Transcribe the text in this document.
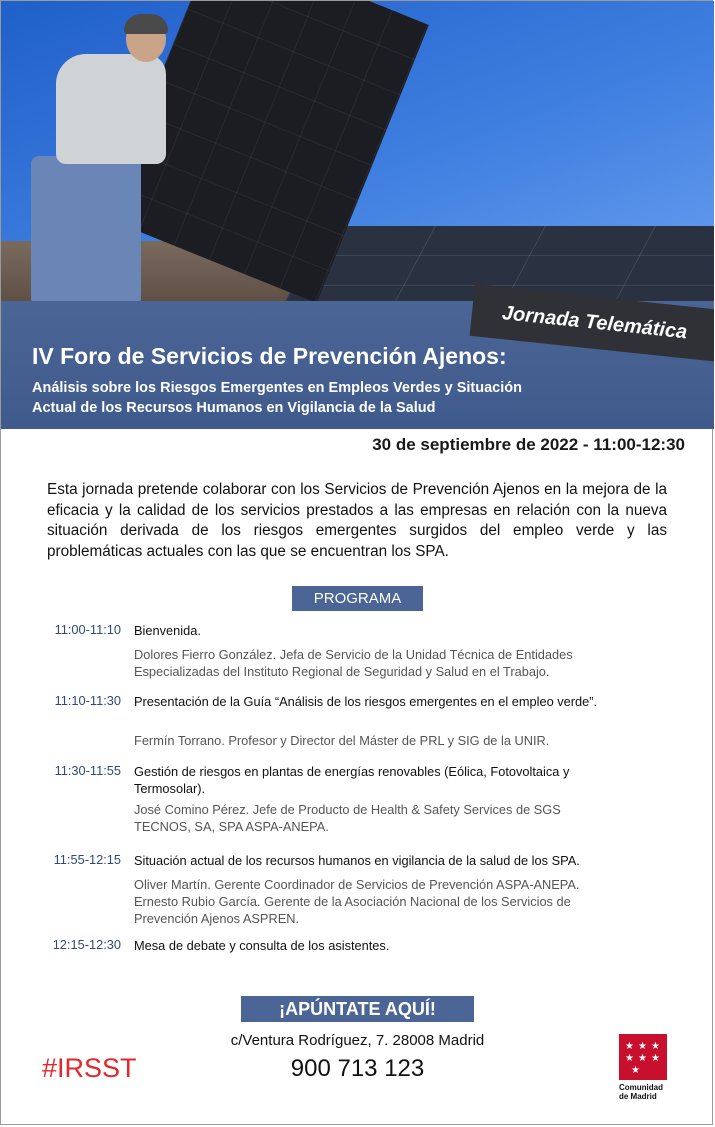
Jornada Telemática
IV Foro de Servicios de Prevención Ajenos:
Análisis sobre los Riesgos Emergentes en Empleos Verdes y Situación
Actual de los Recursos Humanos en Vigilancia de la Salud
30 de septiembre de 2022 - 11:00-12:30
Esta jornada pretende colaborar con los Servicios de Prevención Ajenos en la mejora de la eficacia y la calidad de los servicios prestados a las empresas en relación con la nueva situación derivada de los riesgos emergentes surgidos del empleo verde y las problemáticas actuales con las que se encuentran los SPA.
PROGRAMA
11:00-11:10 Bienvenida.
Dolores Fierro González. Jefa de Servicio de la Unidad Técnica de Entidades Especializadas del Instituto Regional de Seguridad y Salud en el Trabajo.
11:10-11:30 Presentación de la Guía “Análisis de los riesgos emergentes en el empleo verde”.
Fermín Torrano. Profesor y Director del Máster de PRL y SIG de la UNIR.
11:30-11:55 Gestión de riesgos en plantas de energías renovables (Eólica, Fotovoltaica y Termosolar).
José Comino Pérez. Jefe de Producto de Health & Safety Services de SGS TECNOS, SA, SPA ASPA-ANEPA.
11:55-12:15 Situación actual de los recursos humanos en vigilancia de la salud de los SPA.
Oliver Martín. Gerente Coordinador de Servicios de Prevención ASPA-ANEPA. Ernesto Rubio García. Gerente de la Asociación Nacional de los Servicios de Prevención Ajenos ASPREN.
12:15-12:30 Mesa de debate y consulta de los asistentes.
¡APÚNTATE AQUÍ!
c/Ventura Rodríguez, 7. 28008 Madrid
900 713 123
#IRSST
★ ★ ★
★ ★ ★
★
Comunidad
de Madrid
